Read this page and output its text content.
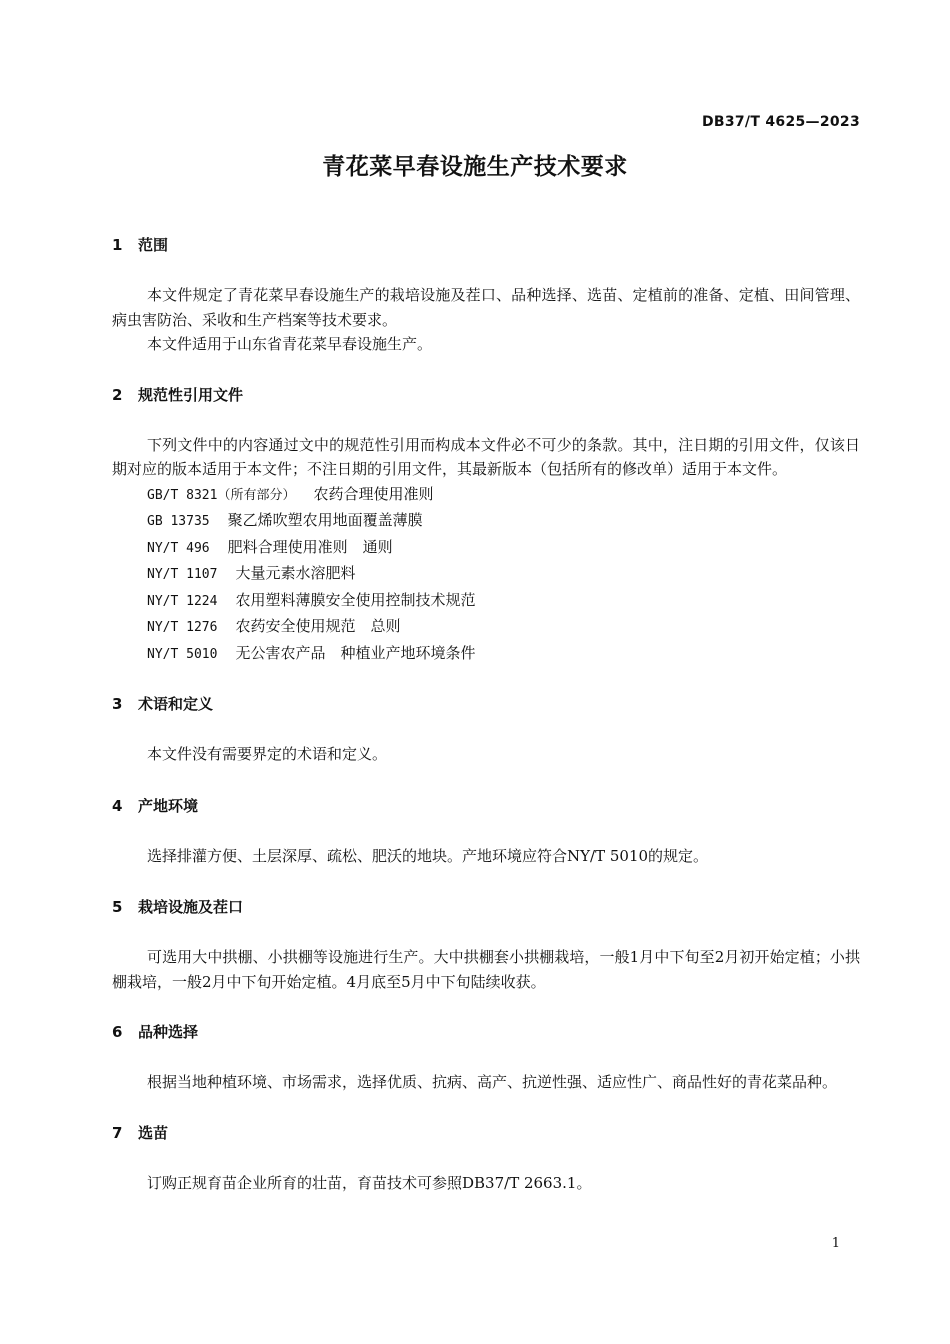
DB37/T 4625—2023
青花菜早春设施生产技术要求
1 范围

本文件规定了青花菜早春设施生产的栽培设施及茬口、品种选择、选苗、定植前的准备、定植、田间管理、病虫害防治、采收和生产档案等技术要求。

本文件适用于山东省青花菜早春设施生产。

2 规范性引用文件

下列文件中的内容通过文中的规范性引用而构成本文件必不可少的条款。其中，注日期的引用文件，仅该日期对应的版本适用于本文件；不注日期的引用文件，其最新版本（包括所有的修改单）适用于本文件。

GB/T 8321（所有部分） 农药合理使用准则
GB 13735 聚乙烯吹塑农用地面覆盖薄膜
NY/T 496 肥料合理使用准则　通则
NY/T 1107 大量元素水溶肥料
NY/T 1224 农用塑料薄膜安全使用控制技术规范
NY/T 1276 农药安全使用规范　总则
NY/T 5010 无公害农产品　种植业产地环境条件
3 术语和定义

本文件没有需要界定的术语和定义。

4 产地环境

选择排灌方便、土层深厚、疏松、肥沃的地块。产地环境应符合NY/T 5010的规定。

5 栽培设施及茬口

可选用大中拱棚、小拱棚等设施进行生产。大中拱棚套小拱棚栽培，一般1月中下旬至2月初开始定植；小拱棚栽培，一般2月中下旬开始定植。4月底至5月中下旬陆续收获。

6 品种选择

根据当地种植环境、市场需求，选择优质、抗病、高产、抗逆性强、适应性广、商品性好的青花菜品种。

7 选苗

订购正规育苗企业所育的壮苗，育苗技术可参照DB37/T 2663.1。

1
